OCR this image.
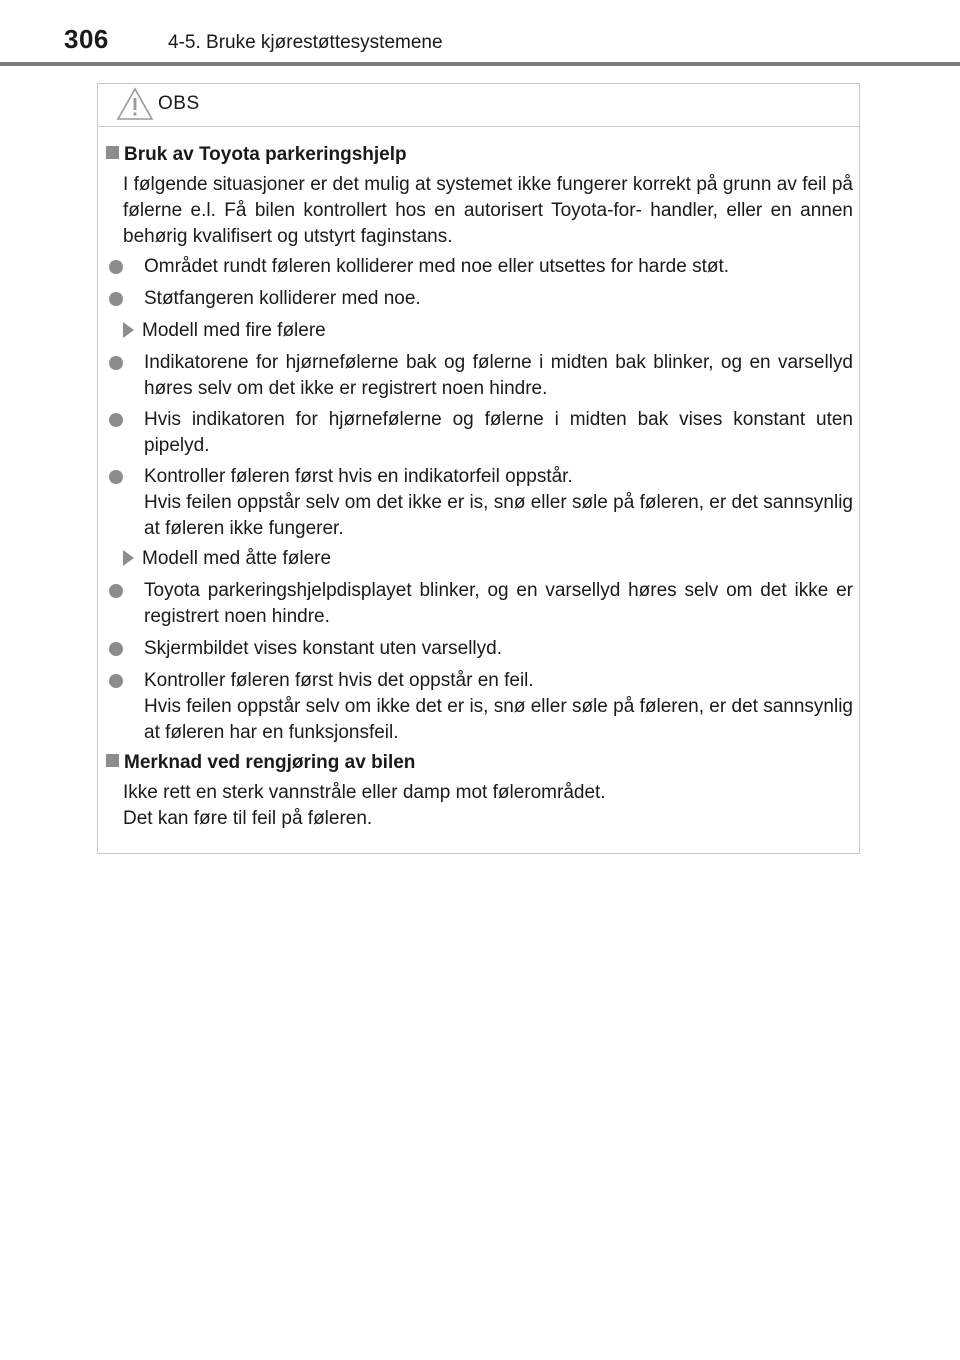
306	4-5. Bruke kjørestøttesystemene
OBS
Bruk av Toyota parkeringshjelp
I følgende situasjoner er det mulig at systemet ikke fungerer korrekt på grunn av feil på følerne e.l. Få bilen kontrollert hos en autorisert Toyota-for- handler, eller en annen behørig kvalifisert og utstyrt faginstans.
Området rundt føleren kolliderer med noe eller utsettes for harde støt.
Støtfangeren kolliderer med noe.
Modell med fire følere
Indikatorene for hjørnefølerne bak og følerne i midten bak blinker, og en varsellyd høres selv om det ikke er registrert noen hindre.
Hvis indikatoren for hjørnefølerne og følerne i midten bak vises konstant uten pipelyd.
Kontroller føleren først hvis en indikatorfeil oppstår.
Hvis feilen oppstår selv om det ikke er is, snø eller søle på føleren, er det sannsynlig at føleren ikke fungerer.
Modell med åtte følere
Toyota parkeringshjelpdisplayet blinker, og en varsellyd høres selv om det ikke er registrert noen hindre.
Skjermbildet vises konstant uten varsellyd.
Kontroller føleren først hvis det oppstår en feil.
Hvis feilen oppstår selv om ikke det er is, snø eller søle på føleren, er det sannsynlig at føleren har en funksjonsfeil.
Merknad ved rengjøring av bilen
Ikke rett en sterk vannstråle eller damp mot følerområdet.
Det kan føre til feil på føleren.
